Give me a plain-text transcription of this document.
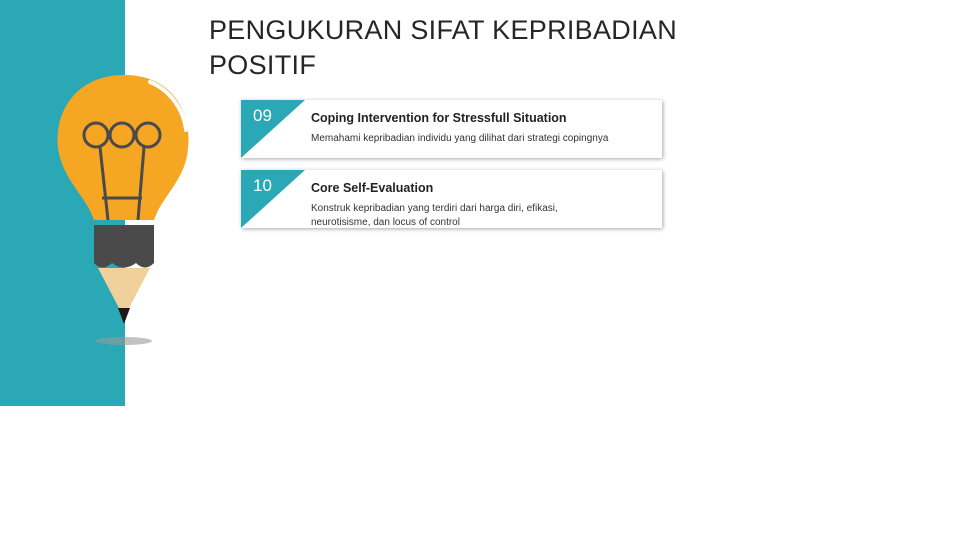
PENGUKURAN SIFAT KEPRIBADIAN POSITIF
09	Coping Intervention for Stressfull Situation
Memahami kepribadian individu yang dilihat dari strategi copingnya
10	Core Self-Evaluation
Konstruk kepribadian yang terdiri dari harga diri, efikasi, neurotisisme, dan locus of control
